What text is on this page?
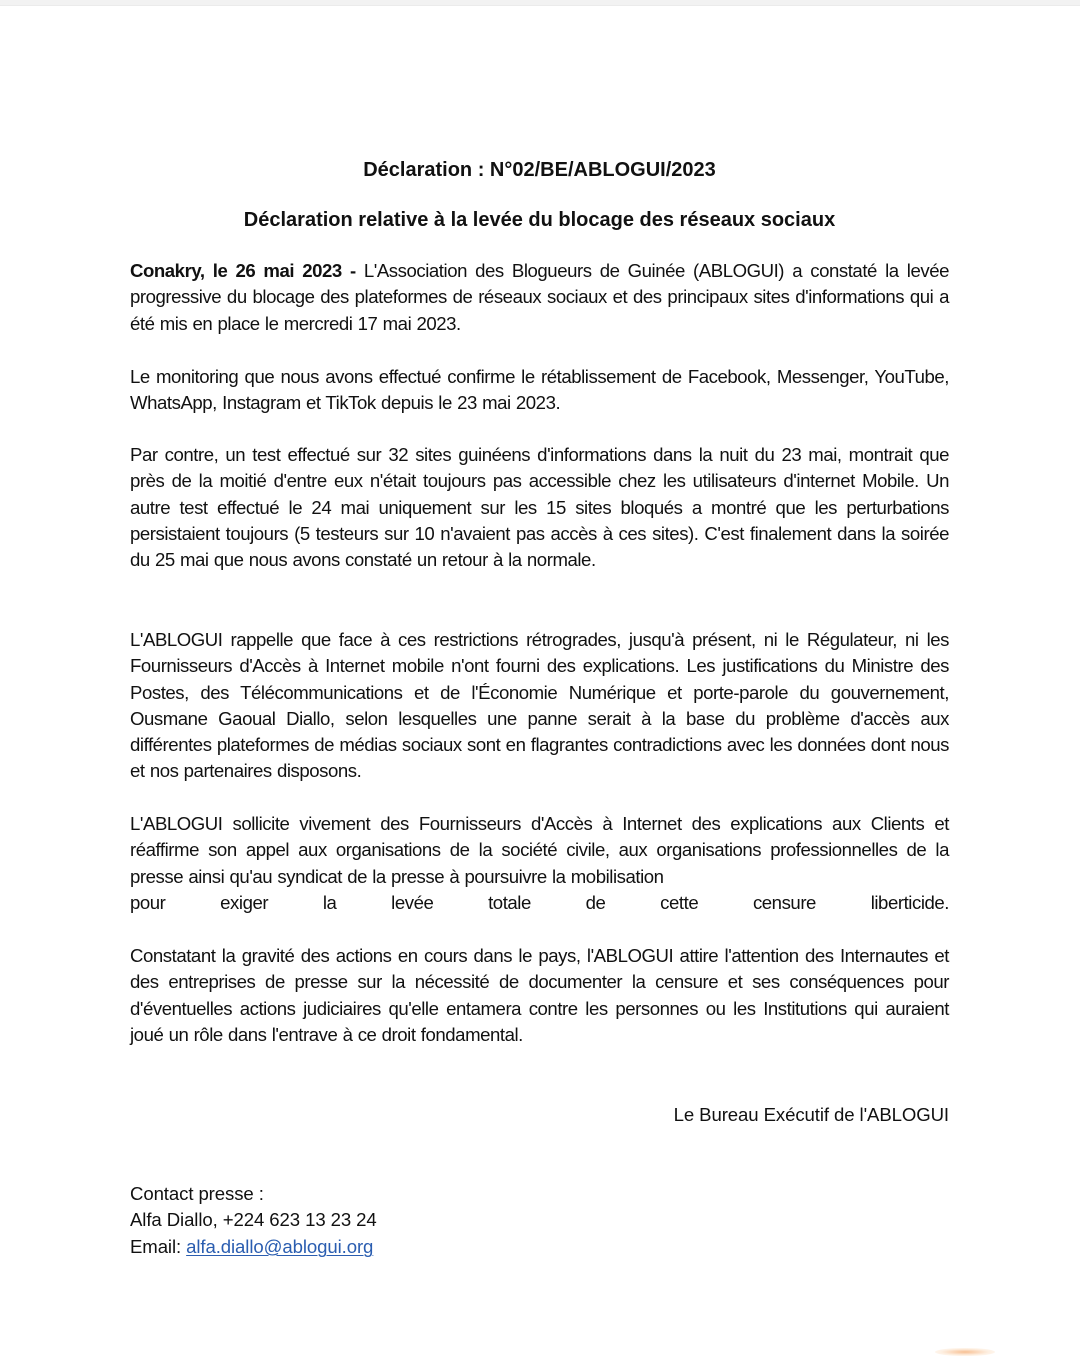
Déclaration : N°02/BE/ABLOGUI/2023
Déclaration relative à la levée du blocage des réseaux sociaux
Conakry, le 26 mai 2023 - L'Association des Blogueurs de Guinée (ABLOGUI) a constaté la levée progressive du blocage des plateformes de réseaux sociaux et des principaux sites d'informations qui a été mis en place le mercredi 17 mai 2023.
Le monitoring que nous avons effectué confirme le rétablissement de Facebook, Messenger, YouTube, WhatsApp, Instagram et TikTok depuis le 23 mai 2023.
Par contre, un test effectué sur 32 sites guinéens d'informations dans la nuit du 23 mai, montrait que près de la moitié d'entre eux n'était toujours pas accessible chez les utilisateurs d'internet Mobile. Un autre test effectué le 24 mai uniquement sur les 15 sites bloqués a montré que les perturbations persistaient toujours (5 testeurs sur 10 n'avaient pas accès à ces sites). C'est finalement dans la soirée du 25 mai que nous avons constaté un retour à la normale.
L'ABLOGUI rappelle que face à ces restrictions rétrogrades, jusqu'à présent, ni le Régulateur, ni les Fournisseurs d'Accès à Internet mobile n'ont fourni des explications. Les justifications du Ministre des Postes, des Télécommunications et de l'Économie Numérique et porte-parole du gouvernement, Ousmane Gaoual Diallo, selon lesquelles une panne serait à la base du problème d'accès aux différentes plateformes de médias sociaux sont en flagrantes contradictions avec les données dont nous et nos partenaires disposons.
L'ABLOGUI sollicite vivement des Fournisseurs d'Accès à Internet des explications aux Clients et réaffirme son appel aux organisations de la société civile, aux organisations professionnelles de la presse ainsi qu'au syndicat de la presse à poursuivre la mobilisation
pour exiger la levée totale de cette censure liberticide.
Constatant la gravité des actions en cours dans le pays, l'ABLOGUI attire l'attention des Internautes et des entreprises de presse sur la nécessité de documenter la censure et ses conséquences pour d'éventuelles actions judiciaires qu'elle entamera contre les personnes ou les Institutions qui auraient joué un rôle dans l'entrave à ce droit fondamental.
Le Bureau Exécutif de l'ABLOGUI
Contact presse :
Alfa Diallo, +224 623 13 23 24
Email: alfa.diallo@ablogui.org
